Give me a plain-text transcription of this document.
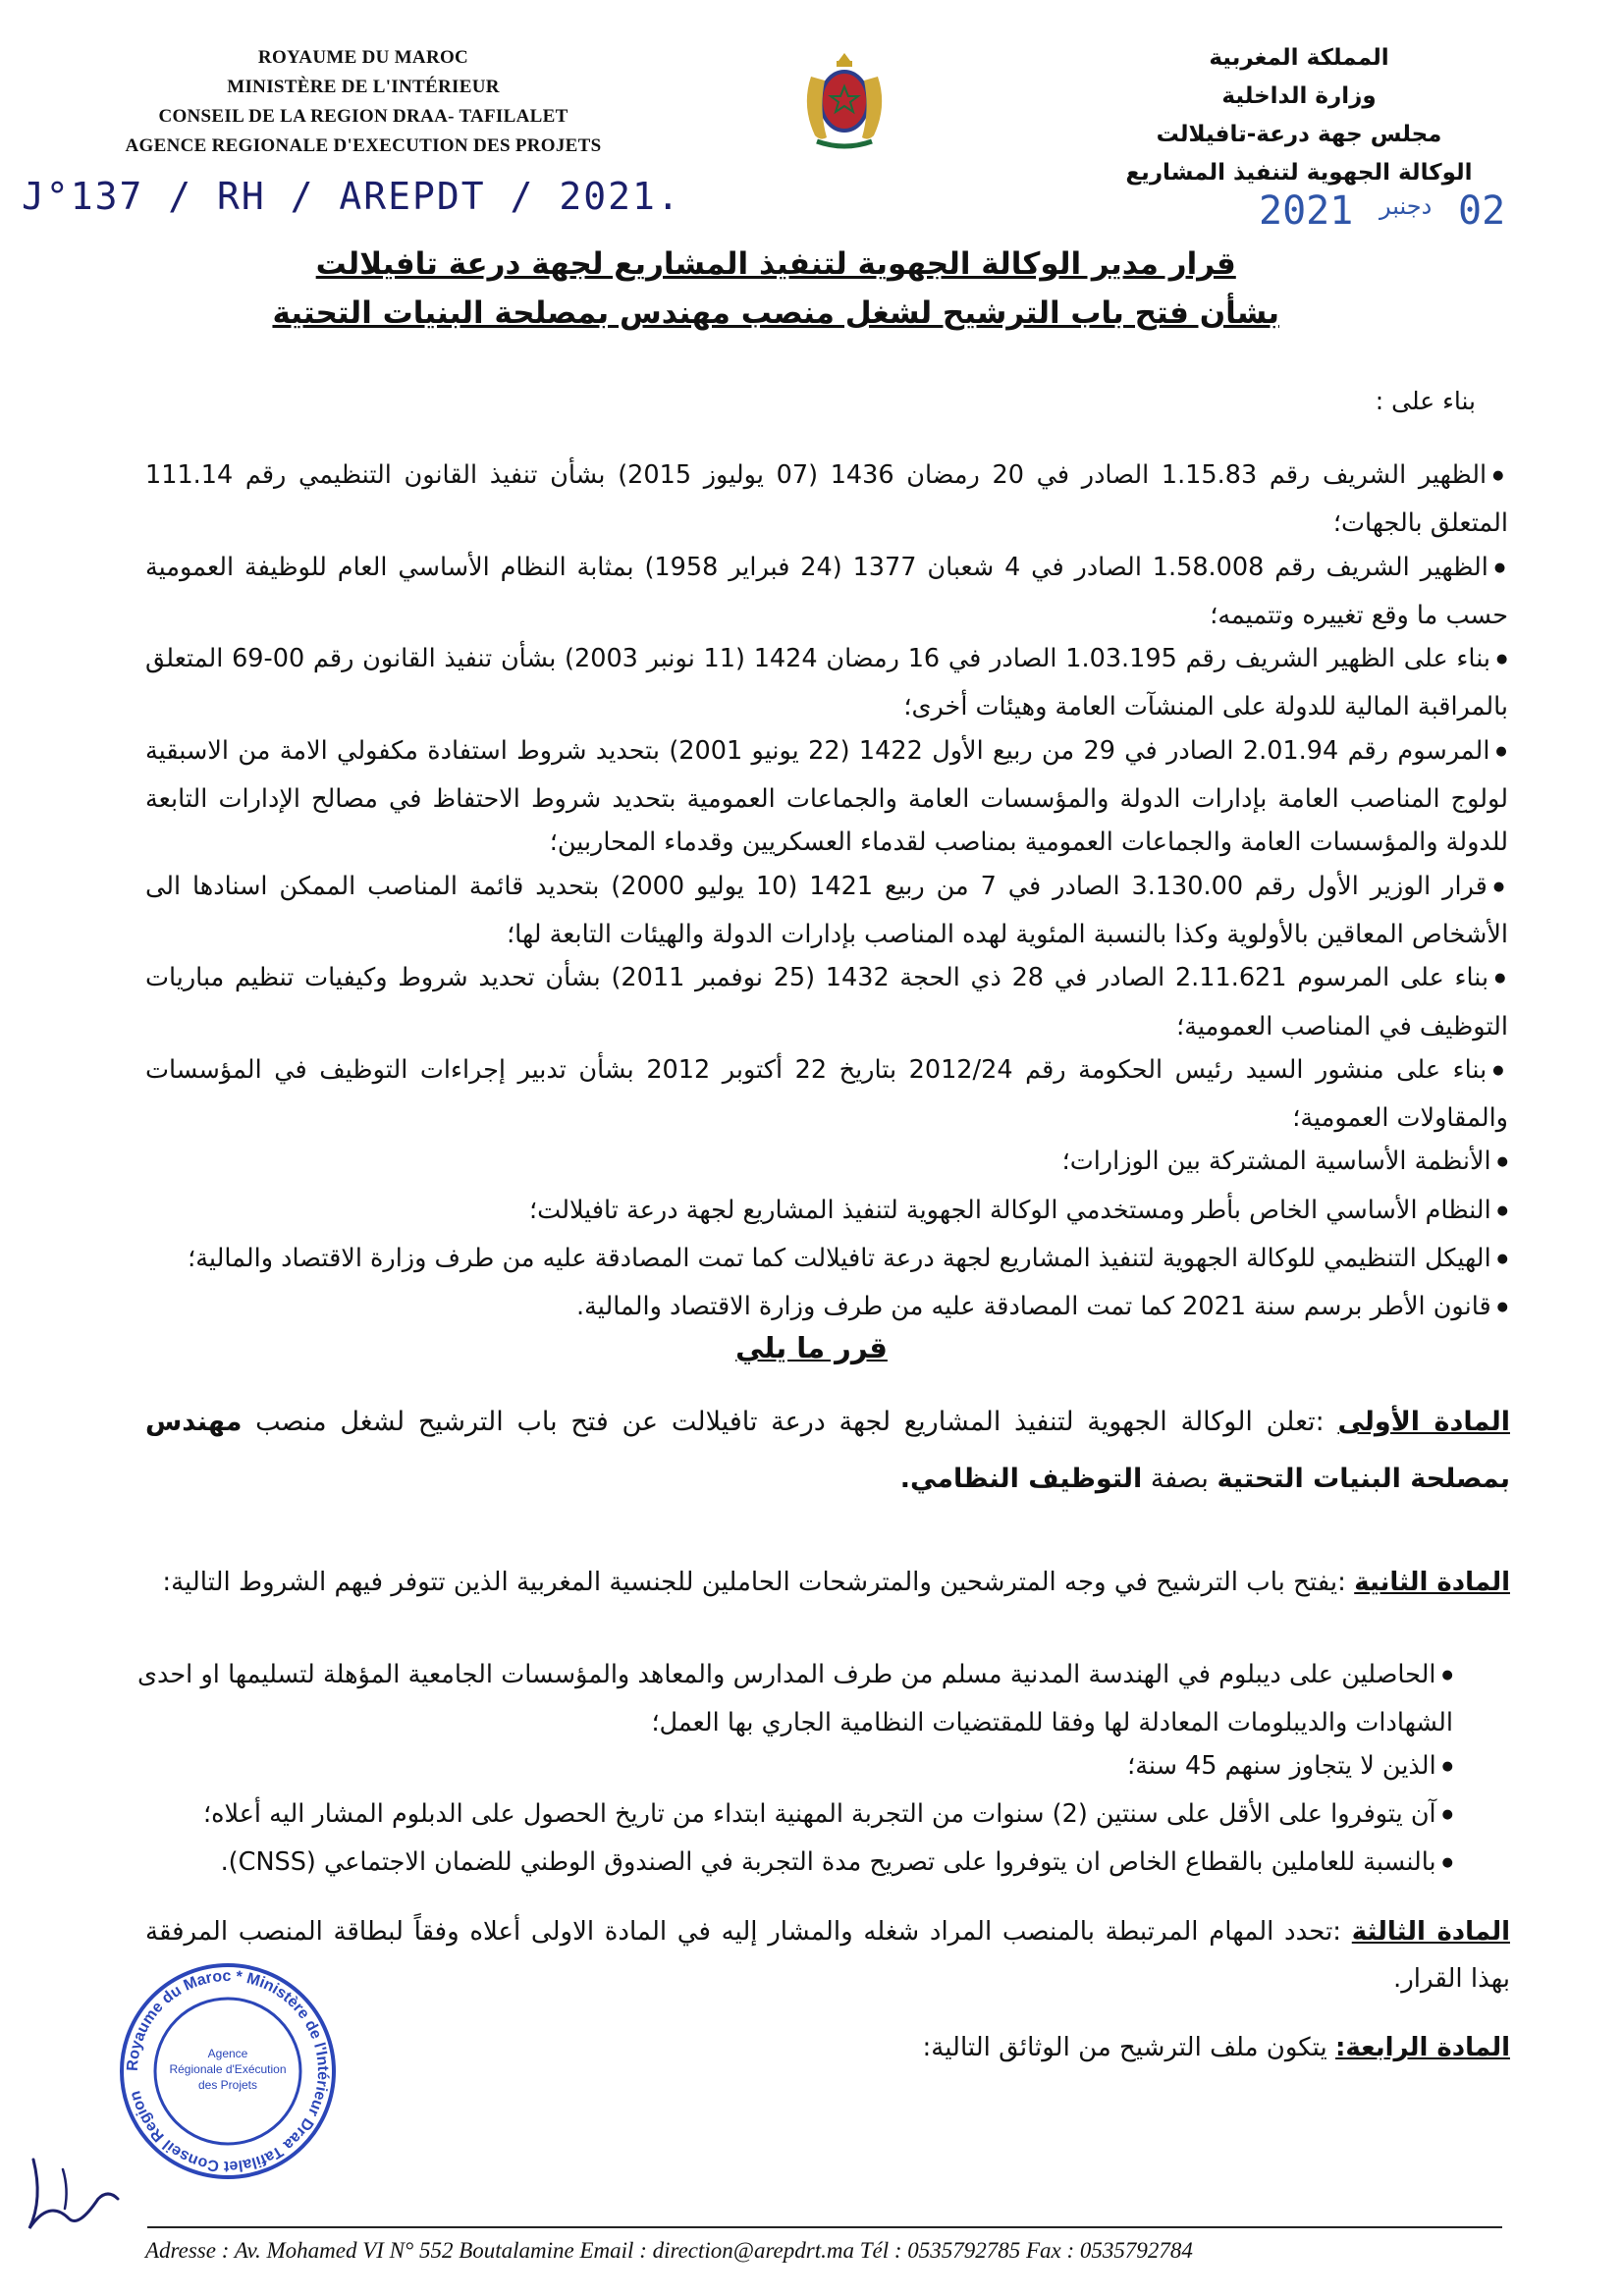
ROYAUME DU MAROC
MINISTÈRE DE L'INTÉRIEUR
CONSEIL DE LA REGION DRAA- TAFILALET
AGENCE REGIONALE D'EXECUTION DES PROJETS
المملكة المغربية
وزارة الداخلية
مجلس جهة درعة-تافيلالت
الوكالة الجهوية لتنفيذ المشاريع
J°137 / RH / AREPDT / 2021.	02 $^{دجنبر}$ 2021
قرار مدير الوكالة الجهوية لتنفيذ المشاريع لجهة درعة تافيلالت
بشأن فتح باب الترشيح لشغل منصب مهندس بمصلحة البنيات التحتية
بناء على :
● الظهير الشريف رقم 1.15.83 الصادر في 20 رمضان 1436 (07 يوليوز 2015) بشأن تنفيذ القانون التنظيمي رقم 111.14 المتعلق بالجهات؛
● الظهير الشريف رقم 1.58.008 الصادر في 4 شعبان 1377 (24 فبراير 1958) بمثابة النظام الأساسي العام للوظيفة العمومية حسب ما وقع تغييره وتتميمه؛
● بناء على الظهير الشريف رقم 1.03.195 الصادر في 16 رمضان 1424 (11 نونبر 2003) بشأن تنفيذ القانون رقم 00-69 المتعلق بالمراقبة المالية للدولة على المنشآت العامة وهيئات أخرى؛
● المرسوم رقم 2.01.94 الصادر في 29 من ربيع الأول 1422 (22 يونيو 2001) بتحديد شروط استفادة مكفولي الامة من الاسبقية لولوج المناصب العامة بإدارات الدولة والمؤسسات العامة والجماعات العمومية بتحديد شروط الاحتفاظ في مصالح الإدارات التابعة للدولة والمؤسسات العامة والجماعات العمومية بمناصب لقدماء العسكريين وقدماء المحاربين؛
● قرار الوزير الأول رقم 3.130.00 الصادر في 7 من ربيع 1421 (10 يوليو 2000) بتحديد قائمة المناصب الممكن اسنادها الى الأشخاص المعاقين بالأولوية وكذا بالنسبة المئوية لهده المناصب بإدارات الدولة والهيئات التابعة لها؛
● بناء على المرسوم 2.11.621 الصادر في 28 ذي الحجة 1432 (25 نوفمبر 2011) بشأن تحديد شروط وكيفيات تنظيم مباريات التوظيف في المناصب العمومية؛
● بناء على منشور السيد رئيس الحكومة رقم 2012/24 بتاريخ 22 أكتوبر 2012 بشأن تدبير إجراءات التوظيف في المؤسسات والمقاولات العمومية؛
● الأنظمة الأساسية المشتركة بين الوزارات؛
● النظام الأساسي الخاص بأطر ومستخدمي الوكالة الجهوية لتنفيذ المشاريع لجهة درعة تافيلالت؛
● الهيكل التنظيمي للوكالة الجهوية لتنفيذ المشاريع لجهة درعة تافيلالت كما تمت المصادقة عليه من طرف وزارة الاقتصاد والمالية؛
● قانون الأطر برسم سنة 2021 كما تمت المصادقة عليه من طرف وزارة الاقتصاد والمالية.
قرر ما يلي
المادة الأولى :تعلن الوكالة الجهوية لتنفيذ المشاريع لجهة درعة تافيلالت عن فتح باب الترشيح لشغل منصب مهندس بمصلحة البنيات التحتية بصفة التوظيف النظامي.
المادة الثانية :يفتح باب الترشيح في وجه المترشحين والمترشحات الحاملين للجنسية المغربية الذين تتوفر فيهم الشروط التالية:
● الحاصلين على ديبلوم في الهندسة المدنية مسلم من طرف المدارس والمعاهد والمؤسسات الجامعية المؤهلة لتسليمها او احدى الشهادات والديبلومات المعادلة لها وفقا للمقتضيات النظامية الجاري بها العمل؛
● الذين لا يتجاوز سنهم 45 سنة؛
● آن يتوفروا على الأقل على سنتين (2) سنوات من التجربة المهنية ابتداء من تاريخ الحصول على الدبلوم المشار اليه أعلاه؛
● بالنسبة للعاملين بالقطاع الخاص ان يتوفروا على تصريح مدة التجربة في الصندوق الوطني للضمان الاجتماعي (CNSS).
المادة الثالثة :تحدد المهام المرتبطة بالمنصب المراد شغله والمشار إليه في المادة الاولى أعلاه وفقاً لبطاقة المنصب المرفقة بهذا القرار.
المادة الرابعة: يتكون ملف الترشيح من الوثائق التالية:
Royaume du Maroc * Ministère de l'Intérieur Draa Tafilalet Conseil Region
Agence
Régionale d'Exécution
des Projets
Adresse : Av. Mohamed VI N° 552 Boutalamine Email : direction@arepdrt.ma Tél : 0535792785 Fax : 0535792784
